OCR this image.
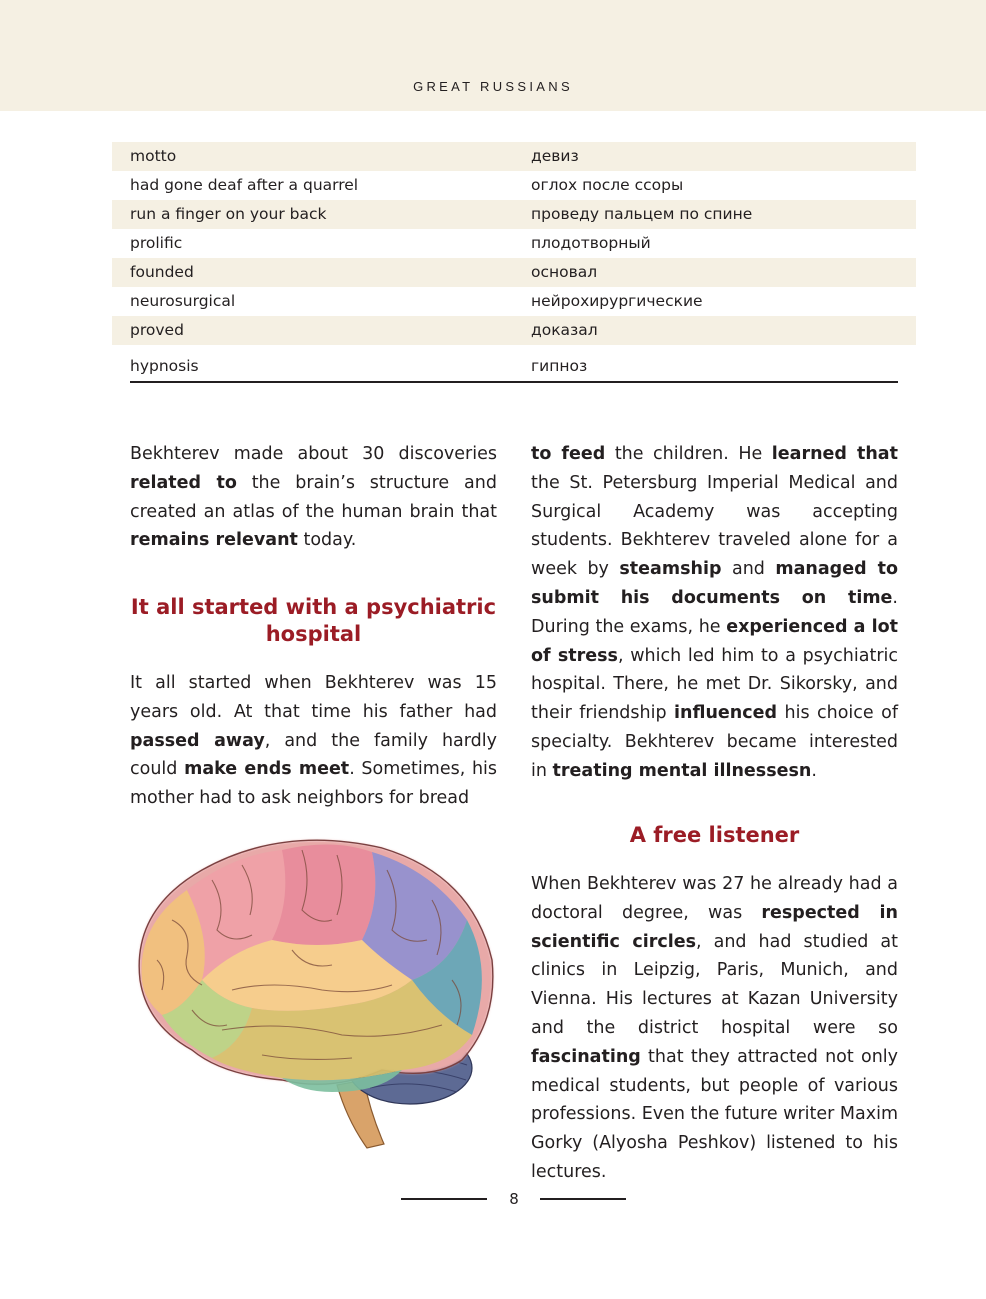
GREAT RUSSIANS
motto	девиз
had gone deaf after a quarrel	оглох после ссоры
run a finger on your back	проведу пальцем по спине
prolific	плодотворный
founded	основал
neurosurgical	нейрохирургические
proved	доказал
hypnosis	гипноз

Bekhterev made about 30 discoveries related to the brain’s structure and created an atlas of the human brain that remains relevant today.

It all started with a psychiatric hospital

It all started when Bekhterev was 15 years old. At that time his father had passed away, and the family hardly could make ends meet. Sometimes, his mother had to ask neighbors for bread

to feed the children. He learned that the St. Petersburg Imperial Medical and Surgical Academy was accepting students. Bekhterev traveled alone for a week by steamship and managed to submit his documents on time. During the exams, he experienced a lot of stress, which led him to a psychiatric hospital. There, he met Dr. Sikorsky, and their friendship influenced his choice of specialty. Bekhterev became interested in treating mental illnessesn.

A free listener

When Bekhterev was 27 he already had a doctoral degree, was respected in scientific circles, and had studied at clinics in Leipzig, Paris, Munich, and Vienna. His lectures at Kazan University and the district hospital were so fascinating that they attracted not only medical students, but people of various professions. Even the future writer Maxim Gorky (Alyosha Peshkov) listened to his lectures.

8
